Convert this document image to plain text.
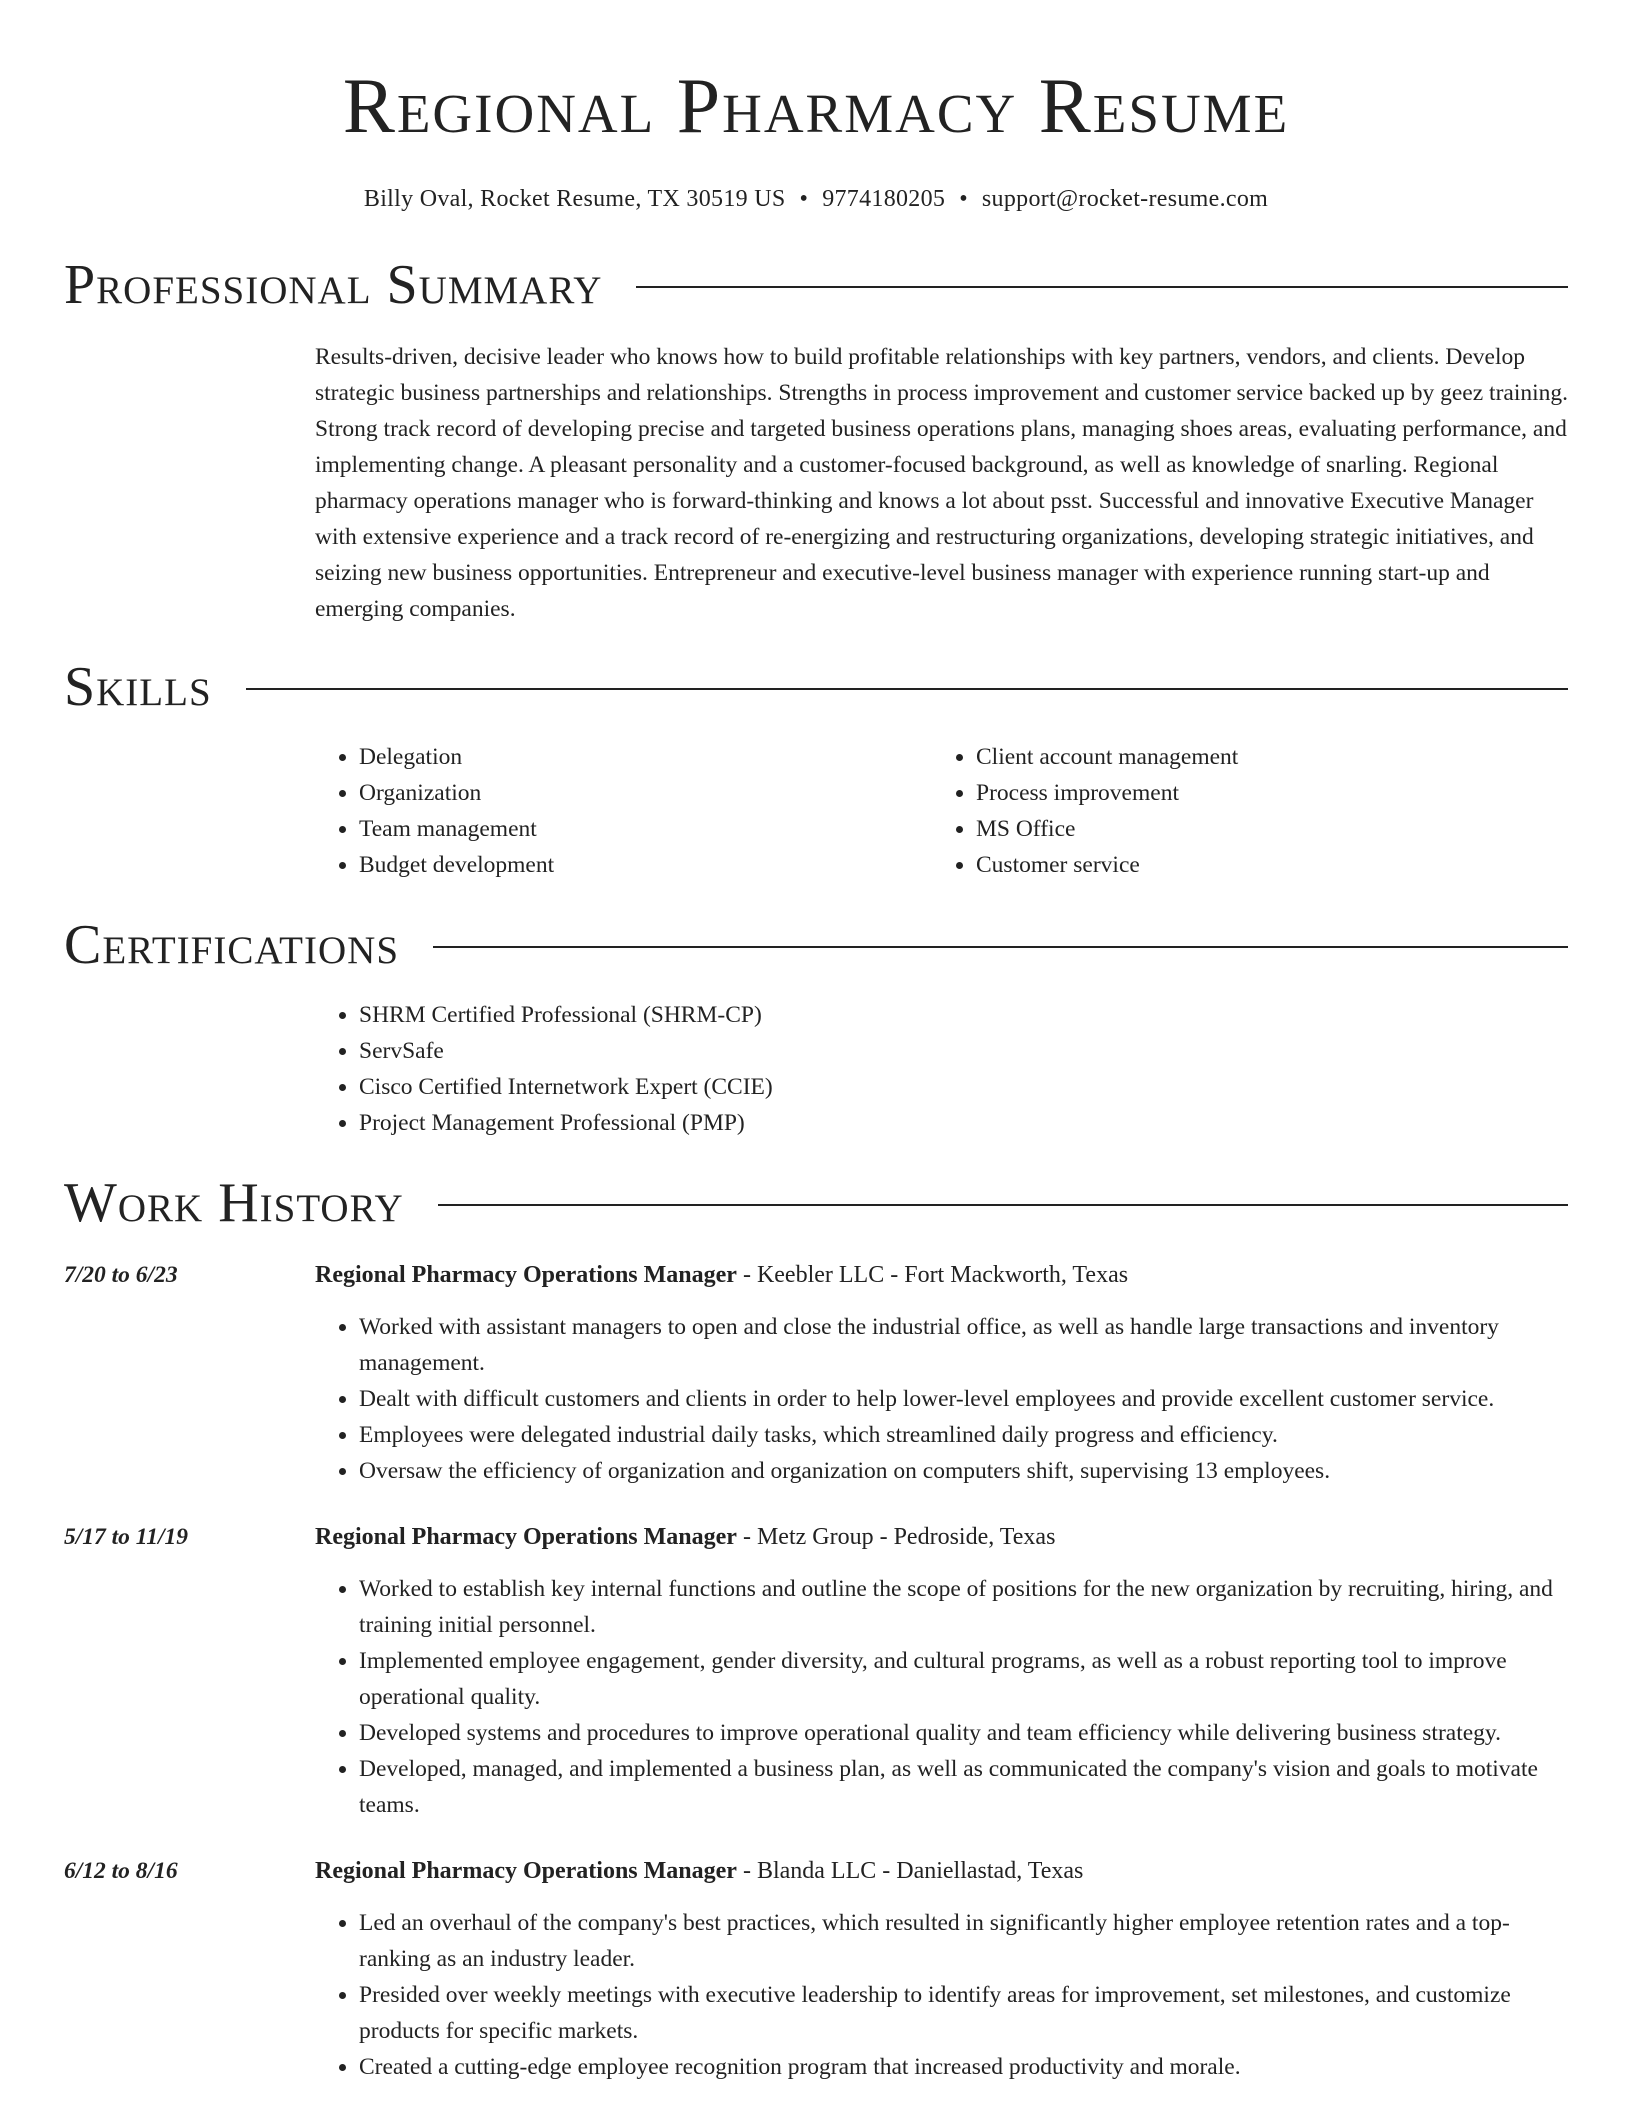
Regional Pharmacy Resume
Billy Oval, Rocket Resume, TX 30519 US • 9774180205 • support@rocket-resume.com
Professional Summary
Results-driven, decisive leader who knows how to build profitable relationships with key partners, vendors, and clients. Develop strategic business partnerships and relationships. Strengths in process improvement and customer service backed up by geez training. Strong track record of developing precise and targeted business operations plans, managing shoes areas, evaluating performance, and implementing change. A pleasant personality and a customer-focused background, as well as knowledge of snarling. Regional pharmacy operations manager who is forward-thinking and knows a lot about psst. Successful and innovative Executive Manager with extensive experience and a track record of re-energizing and restructuring organizations, developing strategic initiatives, and seizing new business opportunities. Entrepreneur and executive-level business manager with experience running start-up and emerging companies.
Skills
• Delegation
• Organization
• Team management
• Budget development
• Client account management
• Process improvement
• MS Office
• Customer service
Certifications
• SHRM Certified Professional (SHRM-CP)
• ServSafe
• Cisco Certified Internetwork Expert (CCIE)
• Project Management Professional (PMP)
Work History
7/20 to 6/23	Regional Pharmacy Operations Manager - Keebler LLC - Fort Mackworth, Texas
• Worked with assistant managers to open and close the industrial office, as well as handle large transactions and inventory management.
• Dealt with difficult customers and clients in order to help lower-level employees and provide excellent customer service.
• Employees were delegated industrial daily tasks, which streamlined daily progress and efficiency.
• Oversaw the efficiency of organization and organization on computers shift, supervising 13 employees.
5/17 to 11/19	Regional Pharmacy Operations Manager - Metz Group - Pedroside, Texas
• Worked to establish key internal functions and outline the scope of positions for the new organization by recruiting, hiring, and training initial personnel.
• Implemented employee engagement, gender diversity, and cultural programs, as well as a robust reporting tool to improve operational quality.
• Developed systems and procedures to improve operational quality and team efficiency while delivering business strategy.
• Developed, managed, and implemented a business plan, as well as communicated the company's vision and goals to motivate teams.
6/12 to 8/16	Regional Pharmacy Operations Manager - Blanda LLC - Daniellastad, Texas
• Led an overhaul of the company's best practices, which resulted in significantly higher employee retention rates and a top-ranking as an industry leader.
• Presided over weekly meetings with executive leadership to identify areas for improvement, set milestones, and customize products for specific markets.
• Created a cutting-edge employee recognition program that increased productivity and morale.
